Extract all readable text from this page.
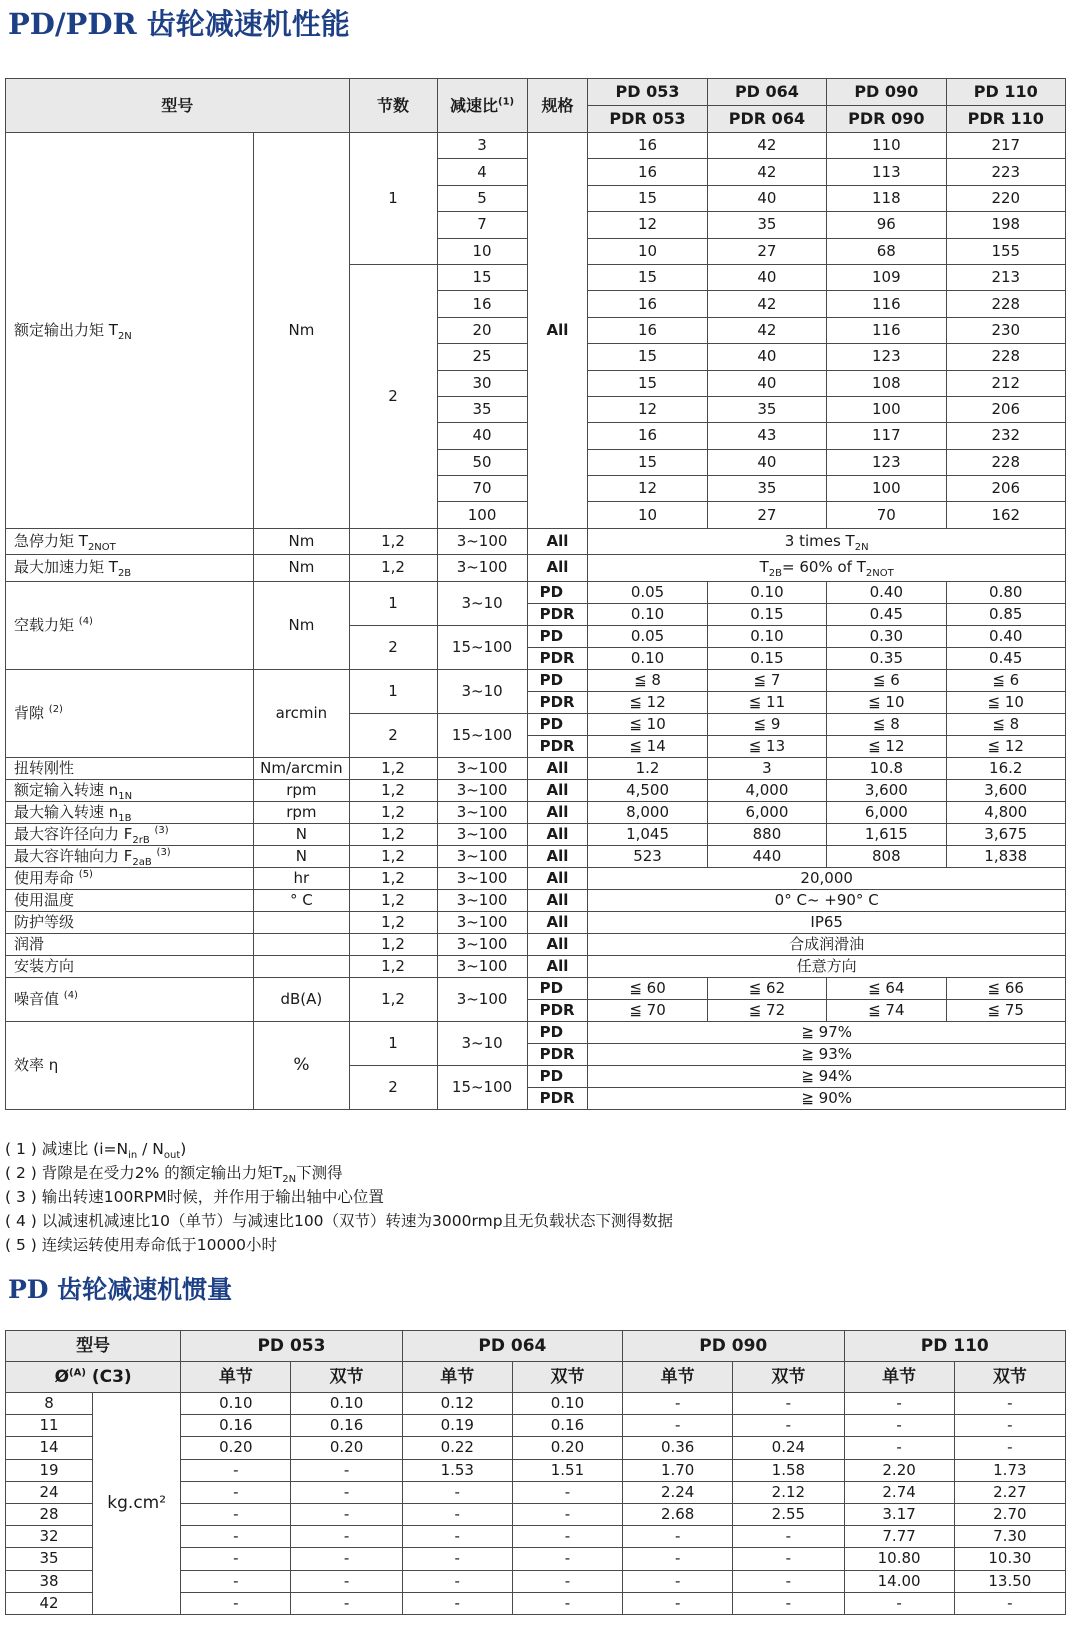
PD/PDR 齿轮减速机性能
型号		节数	减速比$^{(1)}$	规格	PD 053	PD 064	PD 090	PD 110
					PDR 053	PDR 064	PDR 090	PDR 110
额定输出力矩 $T_{2N}$	Nm	1	3	All	16	42	110	217
			4		16	42	113	223
			5		15	40	118	220
			7		12	35	96	198
			10		10	27	68	155
		2	15		15	40	109	213
			16		16	42	116	228
			20		16	42	116	230
			25		15	40	123	228
			30		15	40	108	212
			35		12	35	100	206
			40		16	43	117	232
			50		15	40	123	228
			70		12	35	100	206
			100		10	27	70	162
急停力矩 $T_{2NOT}$	Nm	1,2	3~100	All	3 times $T_{2N}$
最大加速力矩 $T_{2B}$	Nm	1,2	3~100	All	$T_{2B}= 60\%$ of $T_{2NOT}$
空载力矩 $^{(4)}$	Nm	1	3~10	PD	0.05	0.10	0.40	0.80
				PDR	0.10	0.15	0.45	0.85
		2	15~100	PD	0.05	0.10	0.30	0.40
				PDR	0.10	0.15	0.35	0.45
背隙 $^{(2)}$	arcmin	1	3~10	PD	≦ 8	≦ 7	≦ 6	≦ 6
				PDR	≦ 12	≦ 11	≦ 10	≦ 10
		2	15~100	PD	≦ 10	≦ 9	≦ 8	≦ 8
				PDR	≦ 14	≦ 13	≦ 12	≦ 12
扭转刚性	Nm/arcmin	1,2	3~100	All	1.2	3	10.8	16.2
额定输入转速 $n_{1N}$	rpm	1,2	3~100	All	4,500	4,000	3,600	3,600
最大输入转速 $n_{1B}$	rpm	1,2	3~100	All	8,000	6,000	6,000	4,800
最大容许径向力 $F_{2rB}$ $^{(3)}$	N	1,2	3~100	All	1,045	880	1,615	3,675
最大容许轴向力 $F_{2aB}$ $^{(3)}$	N	1,2	3~100	All	523	440	808	1,838
使用寿命 $^{(5)}$	hr	1,2	3~100	All	20,000			
使用温度	° C	1,2	3~100	All	0° C~ +90° C			
防护等级		1,2	3~100	All	IP65			
润滑		1,2	3~100	All	合成润滑油			
安装方向		1,2	3~100	All	任意方向			
噪音值 $^{(4)}$	dB(A)	1,2	3~100	PD	≦ 60	≦ 62	≦ 64	≦ 66
				PDR	≦ 70	≦ 72	≦ 74	≦ 75
效率 η	%	1	3~10	PD	≧ 97%			
				PDR	≧ 93%			
		2	15~100	PD	≧ 94%			
				PDR	≧ 90%			
( 1 ) 减速比 $(i=N_{in} / N_{out})$
( 2 ) 背隙是在受力2% 的额定输出力矩$T_{2N}$下测得
( 3 ) 输出转速100RPM时候，并作用于输出轴中心位置
( 4 ) 以减速机减速比10（单节）与减速比100（双节）转速为3000rmp且无负载状态下测得数据
( 5 ) 连续运转使用寿命低于10000小时
PD 齿轮减速机惯量
型号		PD 053		PD 064		PD 090		PD 110	
$Ø^{(A)}$ (C3)		单节	双节	单节	双节	单节	双节	单节	双节
8	kg.cm²	0.10	0.10	0.12	0.10	-	-	-	-
11		0.16	0.16	0.19	0.16	-	-	-	-
14		0.20	0.20	0.22	0.20	0.36	0.24	-	-
19		-	-	1.53	1.51	1.70	1.58	2.20	1.73
24		-	-	-	-	2.24	2.12	2.74	2.27
28		-	-	-	-	2.68	2.55	3.17	2.70
32		-	-	-	-	-	-	7.77	7.30
35		-	-	-	-	-	-	10.80	10.30
38		-	-	-	-	-	-	14.00	13.50
42		-	-	-	-	-	-	-	-
